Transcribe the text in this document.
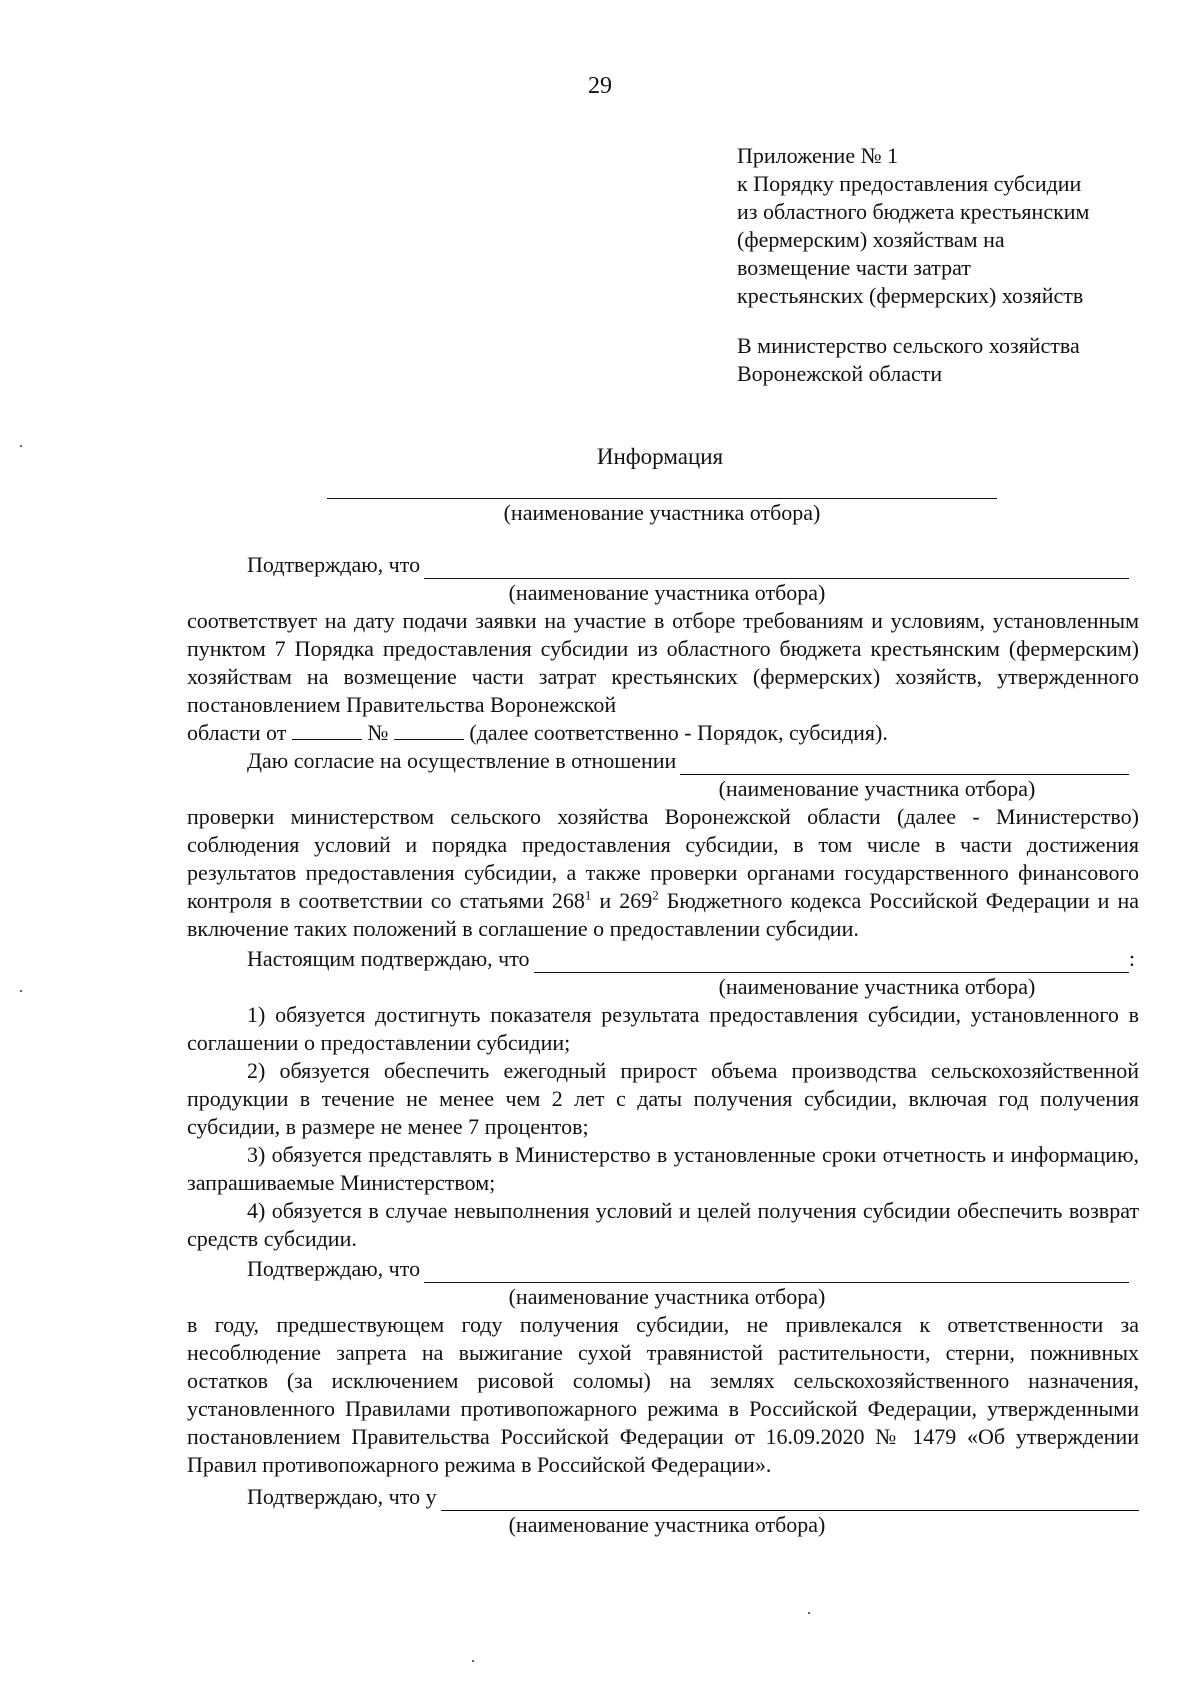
29
Приложение № 1
к Порядку предоставления субсидии
из областного бюджета крестьянским
(фермерским) хозяйствам на
возмещение части затрат
крестьянских (фермерских) хозяйств
В министерство сельского хозяйства
Воронежской области
Информация
(наименование участника отбора)
Подтверждаю, что
(наименование участника отбора)

соответствует на дату подачи заявки на участие в отборе требованиям и условиям, установленным пунктом 7 Порядка предоставления субсидии из областного бюджета крестьянским (фермерским) хозяйствам на возмещение части затрат крестьянских (фермерских) хозяйств, утвержденного постановлением Правительства Воронежской

области от	№	(далее соответственно - Порядок, субсидия).

Даю согласие на осуществление в отношении
(наименование участника отбора)

проверки министерством сельского хозяйства Воронежской области (далее - Министерство) соблюдения условий и порядка предоставления субсидии, в том числе в части достижения результатов предоставления субсидии, а также проверки органами государственного финансового контроля в соответствии со статьями $268^1$ и $269^2$ Бюджетного кодекса Российской Федерации и на включение таких положений в соглашение о предоставлении субсидии.

Настоящим подтверждаю, что	:
(наименование участника отбора)

1) обязуется достигнуть показателя результата предоставления субсидии, установленного в соглашении о предоставлении субсидии;

2) обязуется обеспечить ежегодный прирост объема производства сельскохозяйственной продукции в течение не менее чем 2 лет с даты получения субсидии, включая год получения субсидии, в размере не менее 7 процентов;

3) обязуется представлять в Министерство в установленные сроки отчетность и информацию, запрашиваемые Министерством;

4) обязуется в случае невыполнения условий и целей получения субсидии обеспечить возврат средств субсидии.

Подтверждаю, что
(наименование участника отбора)

в году, предшествующем году получения субсидии, не привлекался к ответственности за несоблюдение запрета на выжигание сухой травянистой растительности, стерни, пожнивных остатков (за исключением рисовой соломы) на землях сельскохозяйственного назначения, установленного Правилами противопожарного режима в Российской Федерации, утвержденными постановлением Правительства Российской Федерации от 16.09.2020 № 1479 «Об утверждении Правил противопожарного режима в Российской Федерации».

Подтверждаю, что у
(наименование участника отбора)
